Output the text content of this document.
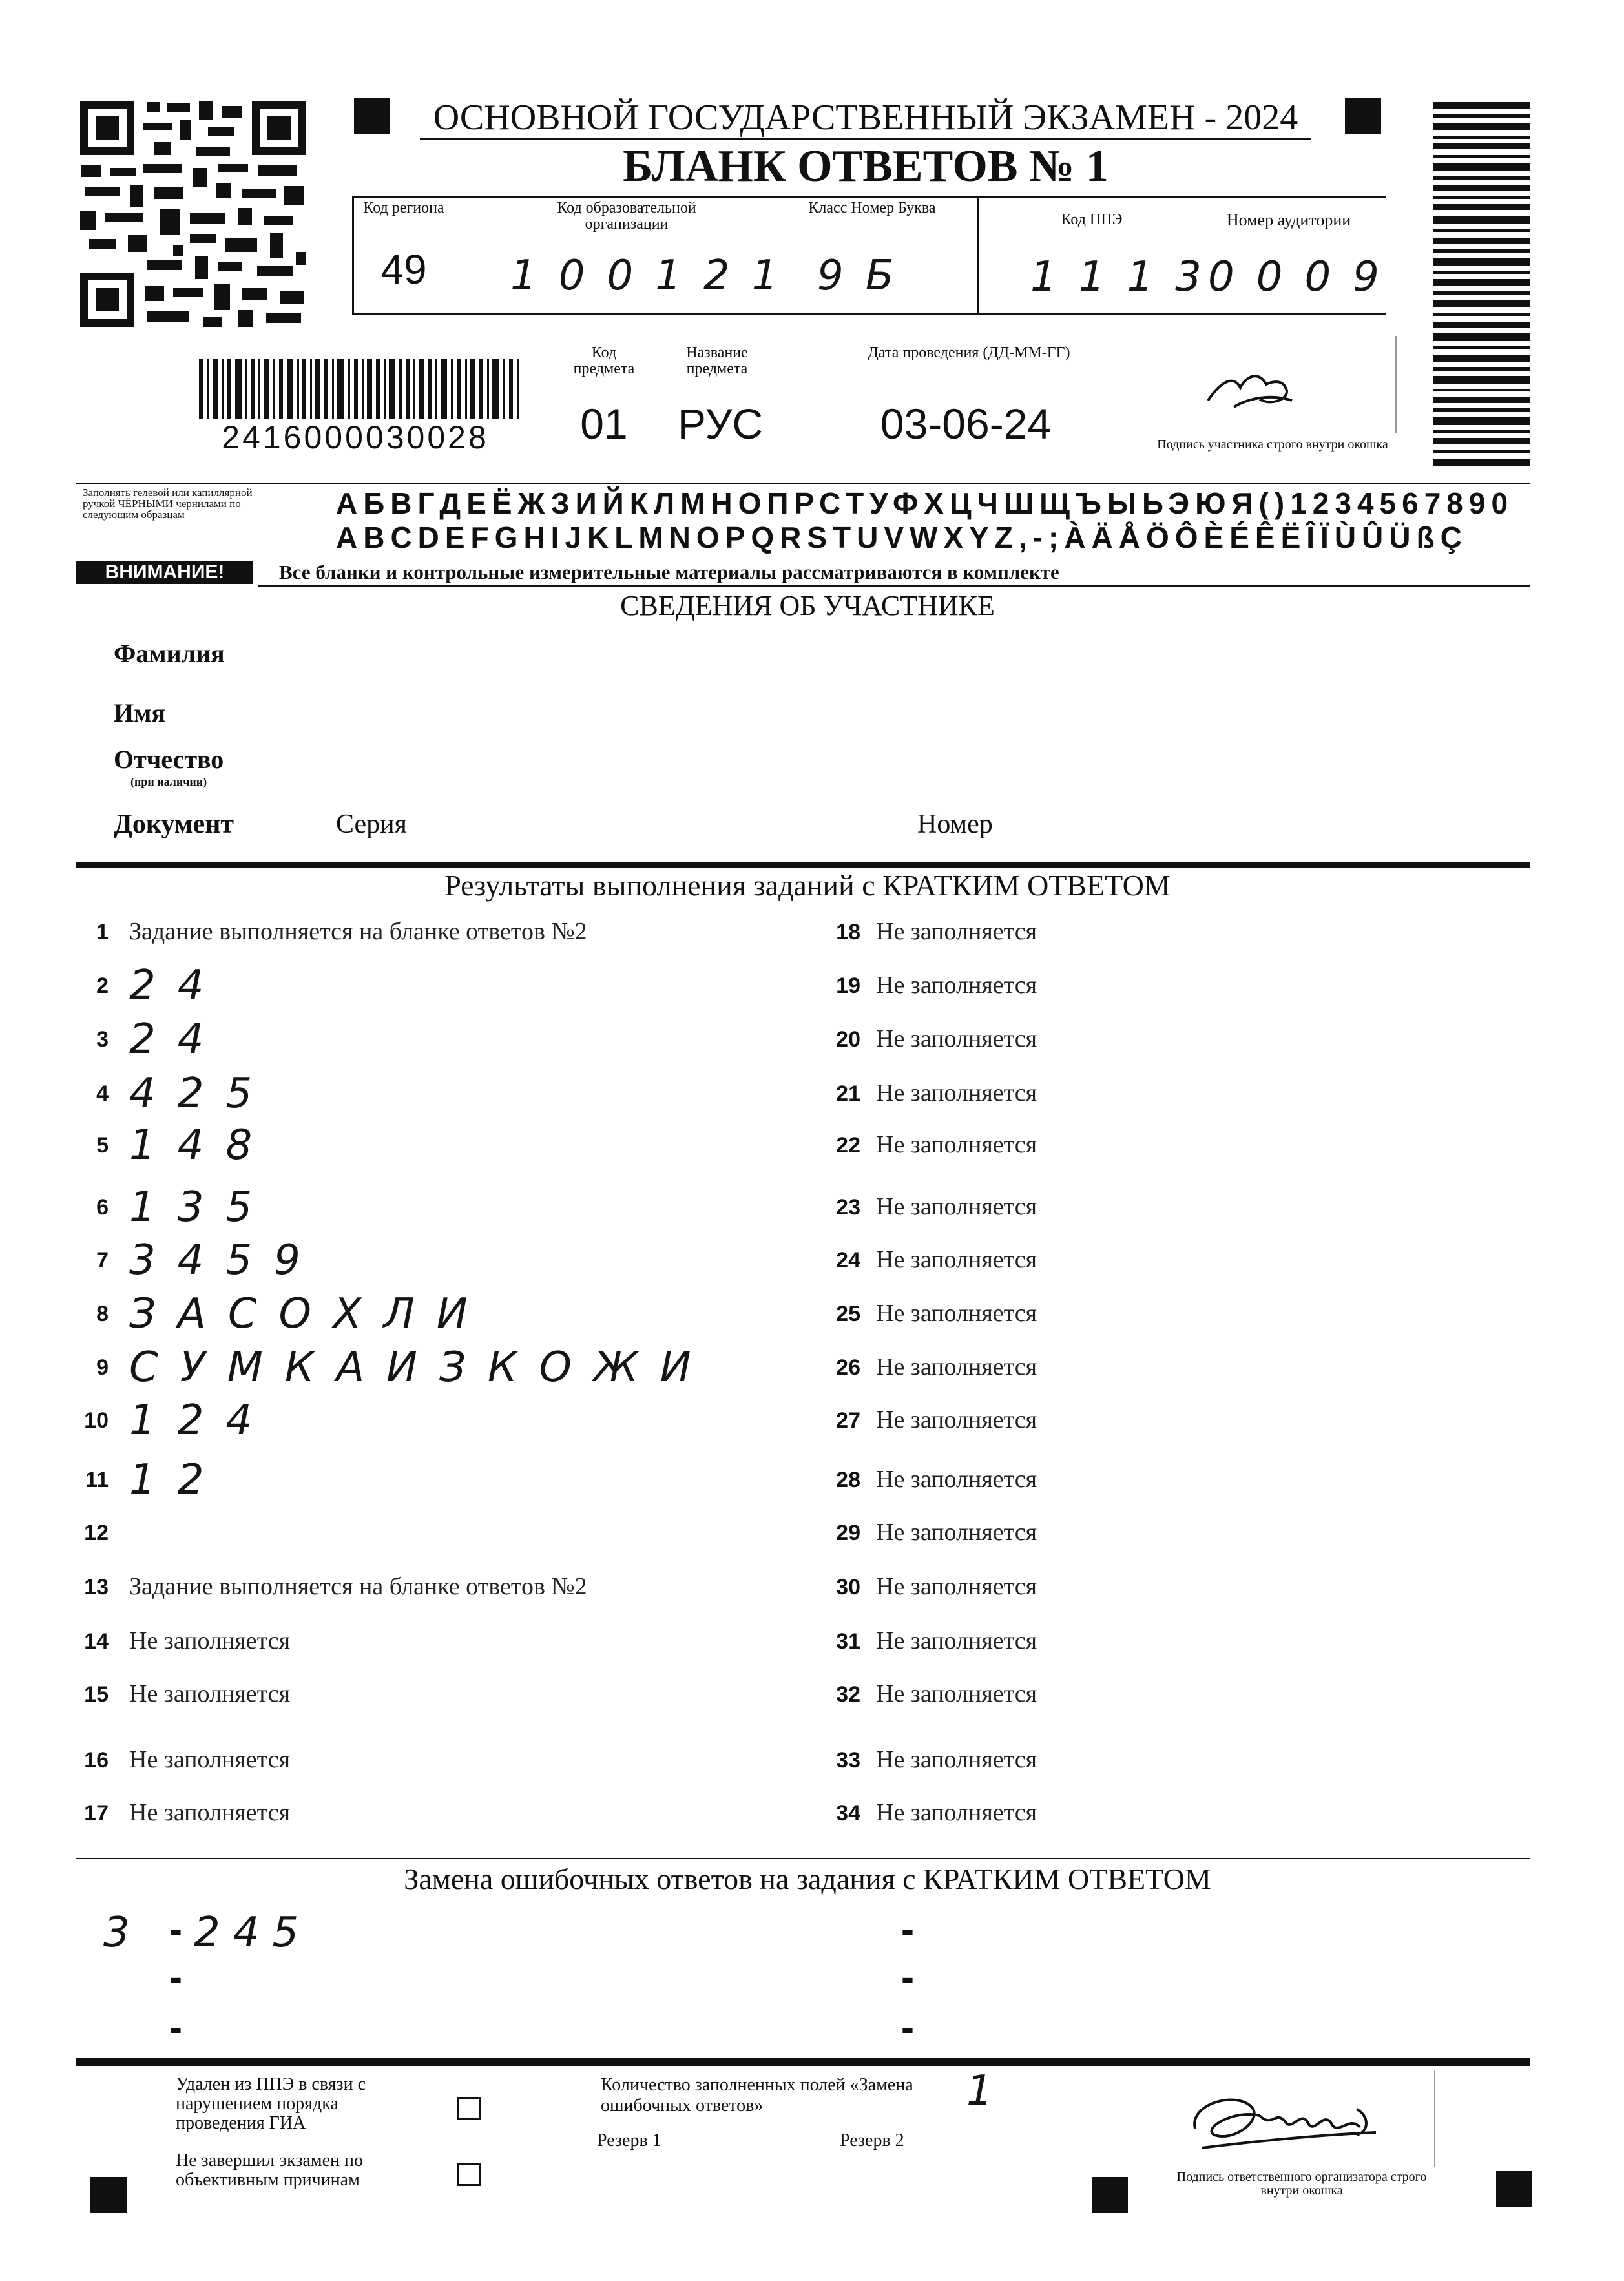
ОСНОВНОЙ ГОСУДАРСТВЕННЫЙ ЭКЗАМЕН - 2024
БЛАНК ОТВЕТОВ № 1
Код региона
49
Код образовательной организации
100121
Класс Номер Буква
9Б
Код ППЭ
1113
Номер аудитории
0009
2416000030028
Код предмета
01
Название предмета
РУС
Дата проведения (ДД-ММ-ГГ)
03-06-24	Подпись участника строго внутри окошка
Заполнять гелевой или капиллярной ручкой ЧЁРНЫМИ чернилами по следующим образцам	АБВГДЕЁЖЗИЙКЛМНОПРСТУФХЦЧШЩЪЫЬЭЮЯ()1234567890
ABCDEFGHIJKLMNOPQRSTUVWXYZ,-;ÀÄÅÖÔÈÉÊËÎÏÙÛÜßÇ
ВНИМАНИЕ!	Все бланки и контрольные измерительные материалы рассматриваются в комплекте
СВЕДЕНИЯ ОБ УЧАСТНИКЕ
Фамилия
Имя
Отчество
(при наличии)
Документ	Серия	Номер
Результаты выполнения заданий с КРАТКИМ ОТВЕТОМ
1 Задание выполняется на бланке ответов №2
2 24
3 24
4 425
5 148
6 135
7 3459
8 ЗАСОХЛИ
9 СУМКАИЗКОЖИ
10 124
11 12
12
13 Задание выполняется на бланке ответов №2
14 Не заполняется
15 Не заполняется
16 Не заполняется
17 Не заполняется
18 Не заполняется
19 Не заполняется
20 Не заполняется
21 Не заполняется
22 Не заполняется
23 Не заполняется
24 Не заполняется
25 Не заполняется
26 Не заполняется
27 Не заполняется
28 Не заполняется
29 Не заполняется
30 Не заполняется
31 Не заполняется
32 Не заполняется
33 Не заполняется
34 Не заполняется
Замена ошибочных ответов на задания с КРАТКИМ ОТВЕТОМ
3 - 245
-
-
-
-
-
Удален из ППЭ в связи с нарушением порядка проведения ГИА
Не завершил экзамен по объективным причинам
Количество заполненных полей «Замена ошибочных ответов»	1
Резерв 1	Резерв 2
Подпись ответственного организатора строго внутри окошка
